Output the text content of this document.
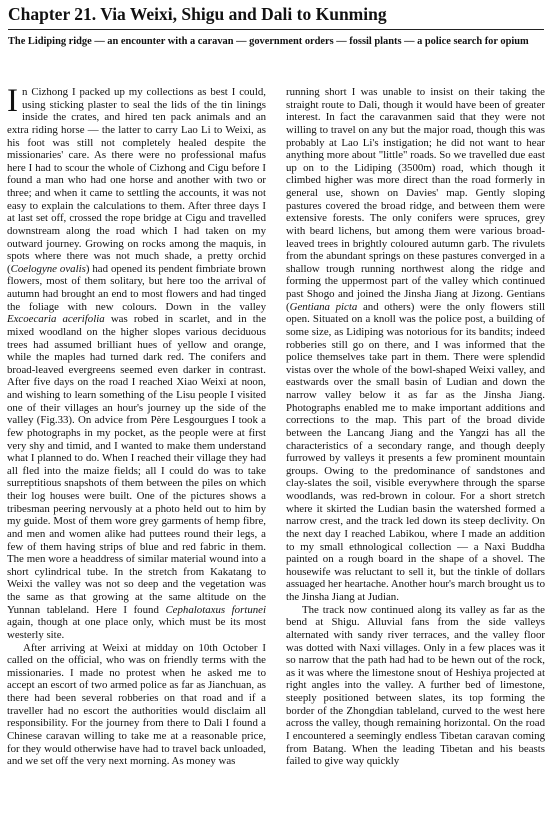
Chapter 21. Via Weixi, Shigu and Dali to Kunming

The Lidiping ridge — an encounter with a caravan — government orders — fossil plants — a police search for opium

In Cizhong I packed up my collections as best I could, using sticking plaster to seal the lids of the tin linings inside the crates, and hired ten pack animals and an extra riding horse — the latter to carry Lao Li to Weixi, as his foot was still not completely healed despite the missionaries' care. As there were no professional mafus here I had to scour the whole of Cizhong and Cigu before I found a man who had one horse and another with two or three; and when it came to settling the accounts, it was not easy to explain the calculations to them. After three days I at last set off, crossed the rope bridge at Cigu and travelled downstream along the road which I had taken on my outward journey. Growing on rocks among the maquis, in spots where there was not much shade, a pretty orchid (Coelogyne ovalis) had opened its pendent fimbriate brown flowers, most of them solitary, but here too the arrival of autumn had brought an end to most flowers and had tinged the foliage with new colours. Down in the valley Excoecaria acerifolia was robed in scarlet, and in the mixed woodland on the higher slopes various deciduous trees had assumed brilliant hues of yellow and orange, while the maples had turned dark red. The conifers and broad-leaved evergreens seemed even darker in contrast. After five days on the road I reached Xiao Weixi at noon, and wishing to learn something of the Lisu people I visited one of their villages an hour's journey up the side of the valley (Fig.33). On advice from Père Lesgourgues I took a few photographs in my pocket, as the people were at first very shy and timid, and I wanted to make them understand what I planned to do. When I reached their village they had all fled into the maize fields; all I could do was to take surreptitious snapshots of them between the piles on which their log houses were built. One of the pictures shows a tribesman peering nervously at a photo held out to him by my guide. Most of them wore grey garments of hemp fibre, and men and women alike had puttees round their legs, a few of them having strips of blue and red fabric in them. The men wore a headdress of similar material wound into a short cylindrical tube. In the stretch from Kakatang to Weixi the valley was not so deep and the vegetation was the same as that growing at the same altitude on the Yunnan tableland. Here I found Cephalotaxus fortunei again, though at one place only, which must be its most westerly site.

After arriving at Weixi at midday on 10th October I called on the official, who was on friendly terms with the missionaries. I made no protest when he asked me to accept an escort of two armed police as far as Jianchuan, as there had been several robberies on that road and if a traveller had no escort the authorities would disclaim all responsibility. For the journey from there to Dali I found a Chinese caravan willing to take me at a reasonable price, for they would otherwise have had to travel back unloaded, and we set off the very next morning. As money was

running short I was unable to insist on their taking the straight route to Dali, though it would have been of greater interest. In fact the caravanmen said that they were not willing to travel on any but the major road, though this was probably at Lao Li's instigation; he did not want to hear anything more about "little" roads. So we travelled due east up on to the Lidiping (3500m) road, which though it climbed higher was more direct than the road formerly in general use, shown on Davies' map. Gently sloping pastures covered the broad ridge, and between them were extensive forests. The only conifers were spruces, grey with beard lichens, but among them were various broad-leaved trees in brightly coloured autumn garb. The rivulets from the abundant springs on these pastures converged in a shallow trough running northwest along the ridge and forming the uppermost part of the valley which continued past Shogo and joined the Jinsha Jiang at Jizong. Gentians (Gentiana picta and others) were the only flowers still open. Situated on a knoll was the police post, a building of some size, as Lidiping was notorious for its bandits; indeed robberies still go on there, and I was informed that the police themselves take part in them. There were splendid vistas over the whole of the bowl-shaped Weixi valley, and eastwards over the small basin of Ludian and down the narrow valley below it as far as the Jinsha Jiang. Photographs enabled me to make important additions and corrections to the map. This part of the broad divide between the Lancang Jiang and the Yangzi has all the characteristics of a secondary range, and though deeply furrowed by valleys it presents a few prominent mountain groups. Owing to the predominance of sandstones and clay-slates the soil, visible everywhere through the sparse woodlands, was red-brown in colour. For a short stretch where it skirted the Ludian basin the watershed formed a narrow crest, and the track led down its steep declivity. On the next day I reached Labikou, where I made an addition to my small ethnological collection — a Naxi Buddha painted on a rough board in the shape of a shovel. The housewife was reluctant to sell it, but the tinkle of dollars assuaged her heartache. Another hour's march brought us to the Jinsha Jiang at Judian.

The track now continued along its valley as far as the bend at Shigu. Alluvial fans from the side valleys alternated with sandy river terraces, and the valley floor was dotted with Naxi villages. Only in a few places was it so narrow that the path had had to be hewn out of the rock, as it was where the limestone snout of Heshiya projected at right angles into the valley. A further bed of limestone, steeply positioned between slates, its top forming the border of the Zhongdian tableland, curved to the west here across the valley, though remaining horizontal. On the road I encountered a seemingly endless Tibetan caravan coming from Batang. When the leading Tibetan and his beasts failed to give way quickly
